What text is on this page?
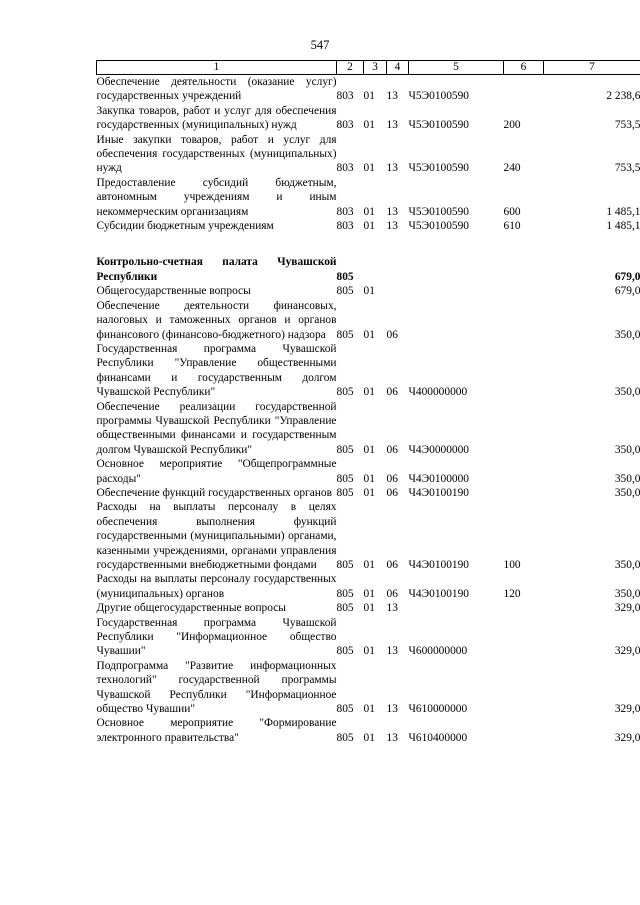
547
1	2	3	4	5	6	7
Обеспечение деятельности (оказание услуг) государственных учреждений	803	01	13	Ч5Э0100590		2 238,6
Закупка товаров, работ и услуг для обеспечения государственных (муниципальных) нужд	803	01	13	Ч5Э0100590	200	753,5
Иные закупки товаров, работ и услуг для обеспечения государственных (муниципальных) нужд	803	01	13	Ч5Э0100590	240	753,5
Предоставление субсидий бюджетным, автономным учреждениям и иным некоммерческим организациям	803	01	13	Ч5Э0100590	600	1 485,1
Субсидии бюджетным учреждениям	803	01	13	Ч5Э0100590	610	1 485,1

Контрольно-счетная палата Чувашской Республики	805					679,0
Общегосударственные вопросы	805	01				679,0
Обеспечение деятельности финансовых, налоговых и таможенных органов и органов финансового (финансово-бюджетного) надзора	805	01	06			350,0
Государственная программа Чувашской Республики "Управление общественными финансами и государственным долгом Чувашской Республики"	805	01	06	Ч400000000		350,0
Обеспечение реализации государственной программы Чувашской Республики "Управление общественными финансами и государственным долгом Чувашской Республики"	805	01	06	Ч4Э0000000		350,0
Основное мероприятие "Общепрограммные расходы"	805	01	06	Ч4Э0100000		350,0
Обеспечение функций государственных органов	805	01	06	Ч4Э0100190		350,0
Расходы на выплаты персоналу в целях обеспечения выполнения функций государственными (муниципальными) органами, казенными учреждениями, органами управления государственными внебюджетными фондами	805	01	06	Ч4Э0100190	100	350,0
Расходы на выплаты персоналу государственных (муниципальных) органов	805	01	06	Ч4Э0100190	120	350,0
Другие общегосударственные вопросы	805	01	13			329,0
Государственная программа Чувашской Республики "Информационное общество Чувашии"	805	01	13	Ч600000000		329,0
Подпрограмма "Развитие информационных технологий" государственной программы Чувашской Республики "Информационное общество Чувашии"	805	01	13	Ч610000000		329,0
Основное мероприятие "Формирование электронного правительства"	805	01	13	Ч610400000		329,0
